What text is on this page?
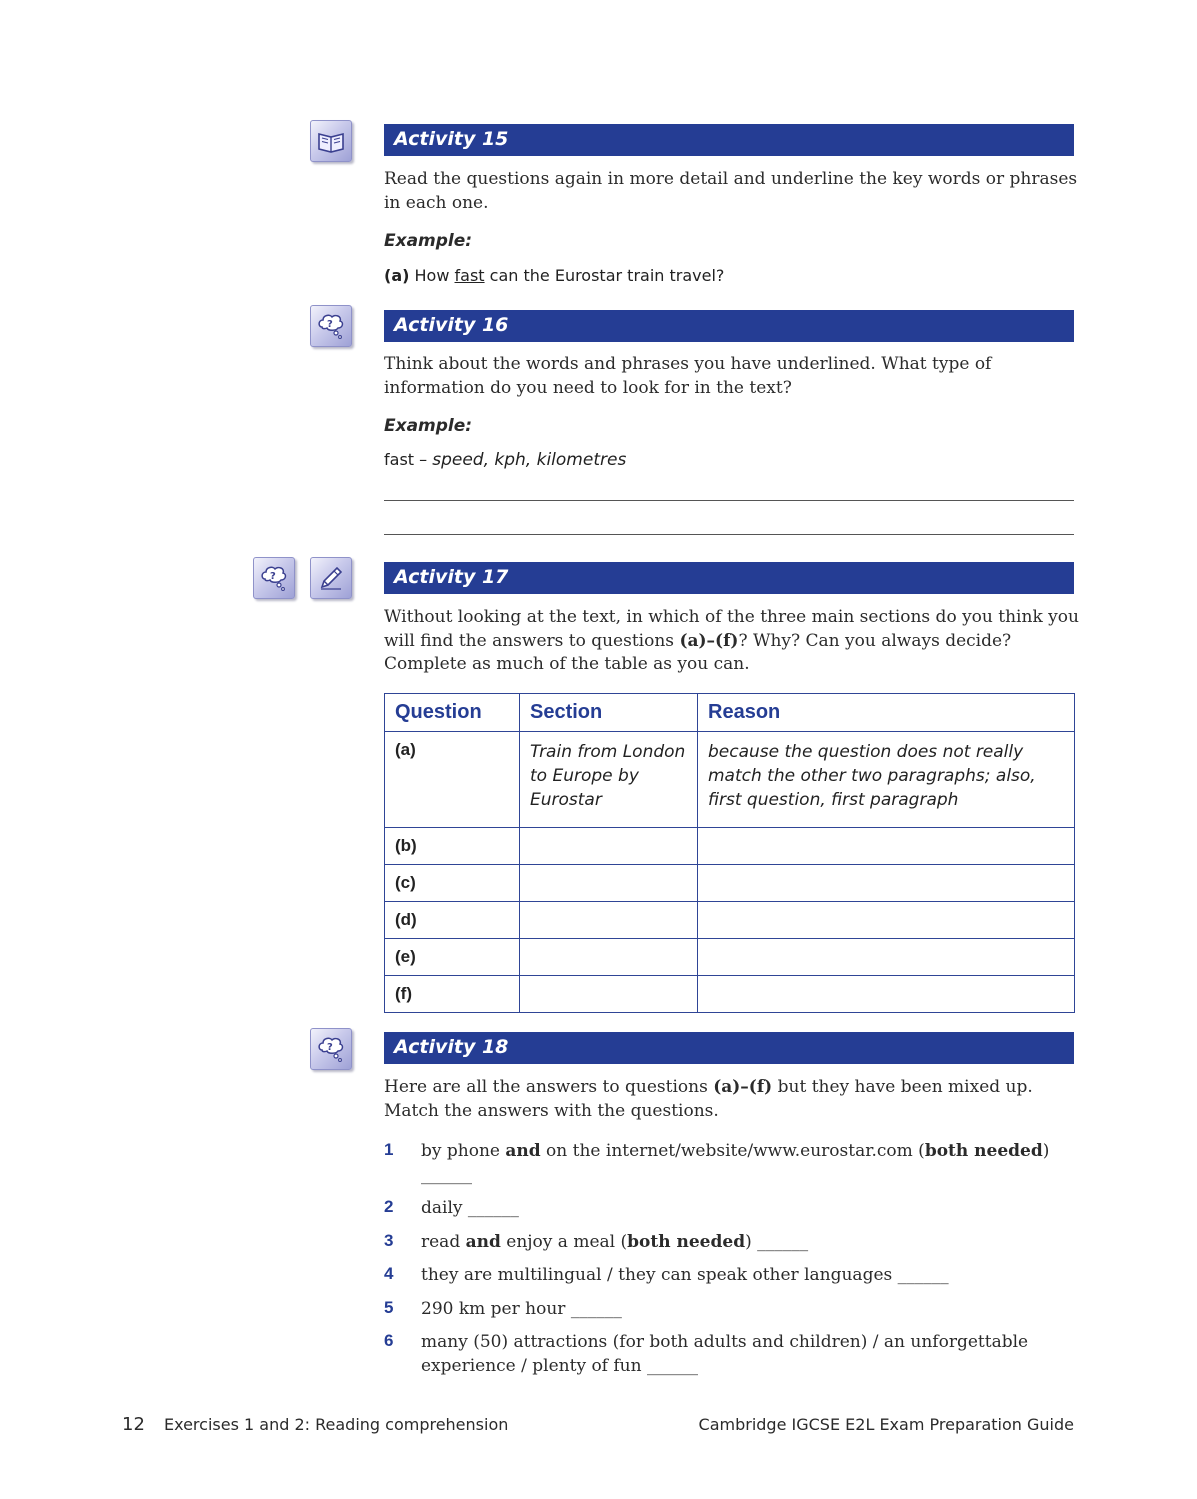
Activity 15

Read the questions again in more detail and underline the key words or phrases in each one.

Example:
(a) How fast can the Eurostar train travel?
?	Activity 16

Think about the words and phrases you have underlined. What type of information do you need to look for in the text?

Example:
fast – speed, kph, kilometres
?	Activity 17

Without looking at the text, in which of the three main sections do you think you will find the answers to questions (a)–(f)? Why? Can you always decide? Complete as much of the table as you can.

Question	Section	Reason
(a)	Train from London to Europe by Eurostar	because the question does not really match the other two paragraphs; also, first question, first paragraph
(b)		
(c)		
(d)		
(e)		
(f)		
?	Activity 18

Here are all the answers to questions (a)–(f) but they have been mixed up. Match the answers with the questions.

1 by phone and on the internet/website/www.eurostar.com (both needed) ______
2 daily ______
3 read and enjoy a meal (both needed) ______
4 they are multilingual / they can speak other languages ______
5 290 km per hour ______
6 many (50) attractions (for both adults and children) / an unforgettable experience / plenty of fun ______
12 Exercises 1 and 2: Reading comprehension	Cambridge IGCSE E2L Exam Preparation Guide
